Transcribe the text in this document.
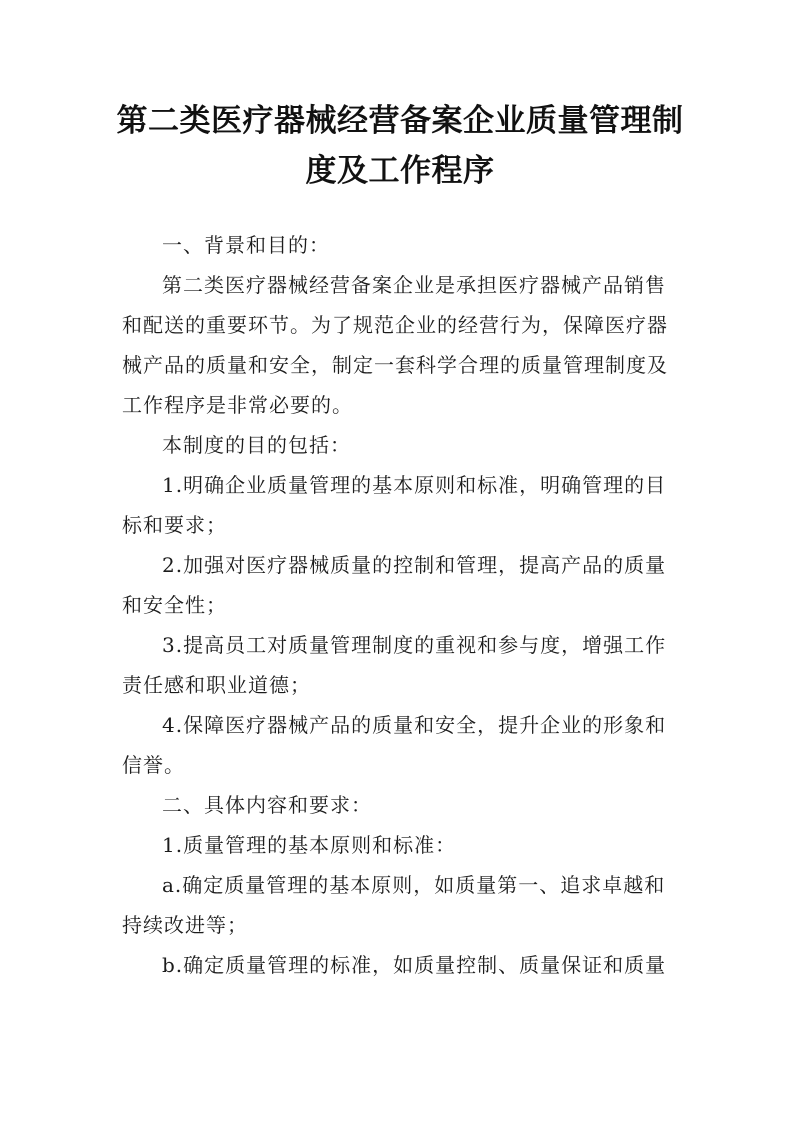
第二类医疗器械经营备案企业质量管理制
度及工作程序

一、背景和目的：

第二类医疗器械经营备案企业是承担医疗器械产品销售和配送的重要环节。为了规范企业的经营行为，保障医疗器械产品的质量和安全，制定一套科学合理的质量管理制度及工作程序是非常必要的。

本制度的目的包括：

1.明确企业质量管理的基本原则和标准，明确管理的目标和要求；

2.加强对医疗器械质量的控制和管理，提高产品的质量和安全性；

3.提高员工对质量管理制度的重视和参与度，增强工作责任感和职业道德；

4.保障医疗器械产品的质量和安全，提升企业的形象和信誉。

二、具体内容和要求：

1.质量管理的基本原则和标准：

a.确定质量管理的基本原则，如质量第一、追求卓越和持续改进等；

b.确定质量管理的标准，如质量控制、质量保证和质量
